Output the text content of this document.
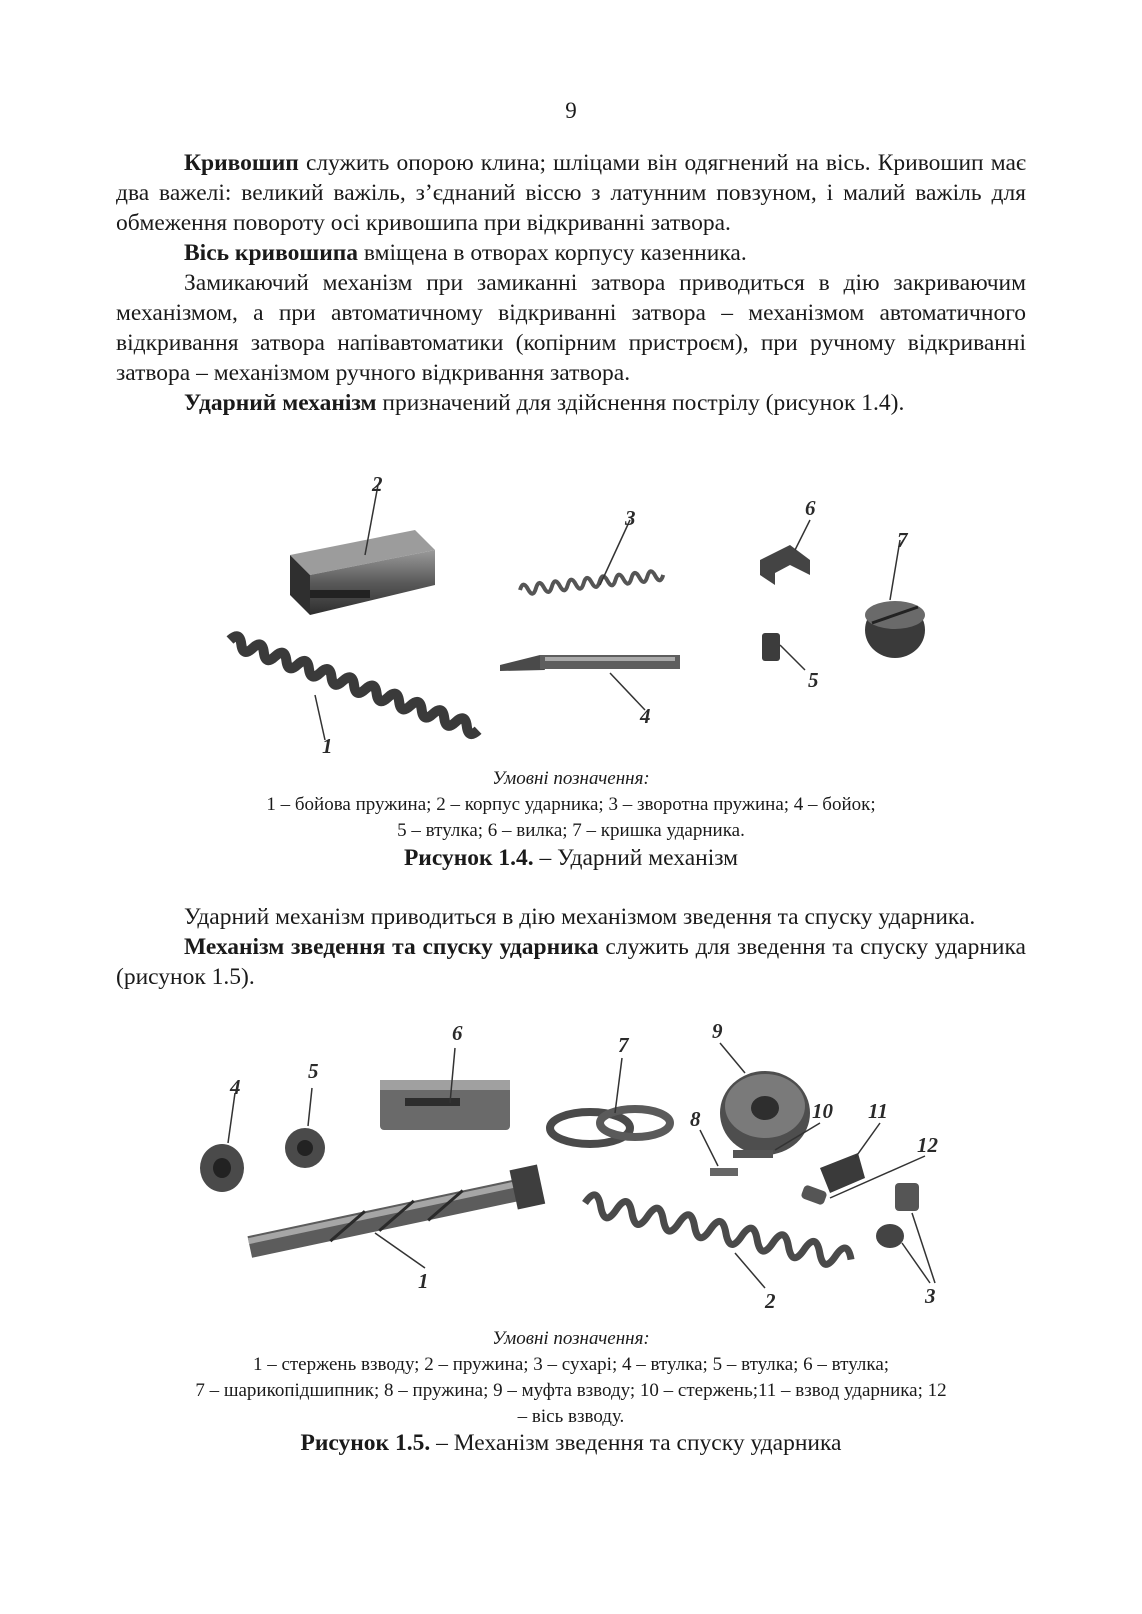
9

Кривошип служить опорою клина; шліцами він одягнений на вісь. Кривошип має два важелі: великий важіль, з’єднаний віссю з латунним повзуном, і малий важіль для обмеження повороту осі кривошипа при відкриванні затвора.

Вісь кривошипа вміщена в отворах корпусу казенника.

Замикаючий механізм при замиканні затвора приводиться в дію закриваючим механізмом, а при автоматичному відкриванні затвора – механізмом автоматичного відкривання затвора напівавтоматики (копірним пристроєм), при ручному відкриванні затвора – механізмом ручного відкривання затвора.

Ударний механізм призначений для здійснення пострілу (рисунок 1.4).

2
1
3
4
5
6
7
Умовні позначення:
1 – бойова пружина; 2 – корпус ударника; 3 – зворотна пружина; 4 – бойок;
5 – втулка; 6 – вилка; 7 – кришка ударника.
Рисунок 1.4. – Ударний механізм

Ударний механізм приводиться в дію механізмом зведення та спуску ударника.

Механізм зведення та спуску ударника служить для зведення та спуску ударника (рисунок 1.5).

4
5
6	7
9
8	10 11
12
1
2	3
Умовні позначення:
1 – стержень взводу; 2 – пружина; 3 – сухарі; 4 – втулка; 5 – втулка; 6 – втулка;
7 – шарикопідшипник; 8 – пружина; 9 – муфта взводу; 10 – стержень;11 – взвод ударника; 12
– вісь взводу.
Рисунок 1.5. – Механізм зведення та спуску ударника
